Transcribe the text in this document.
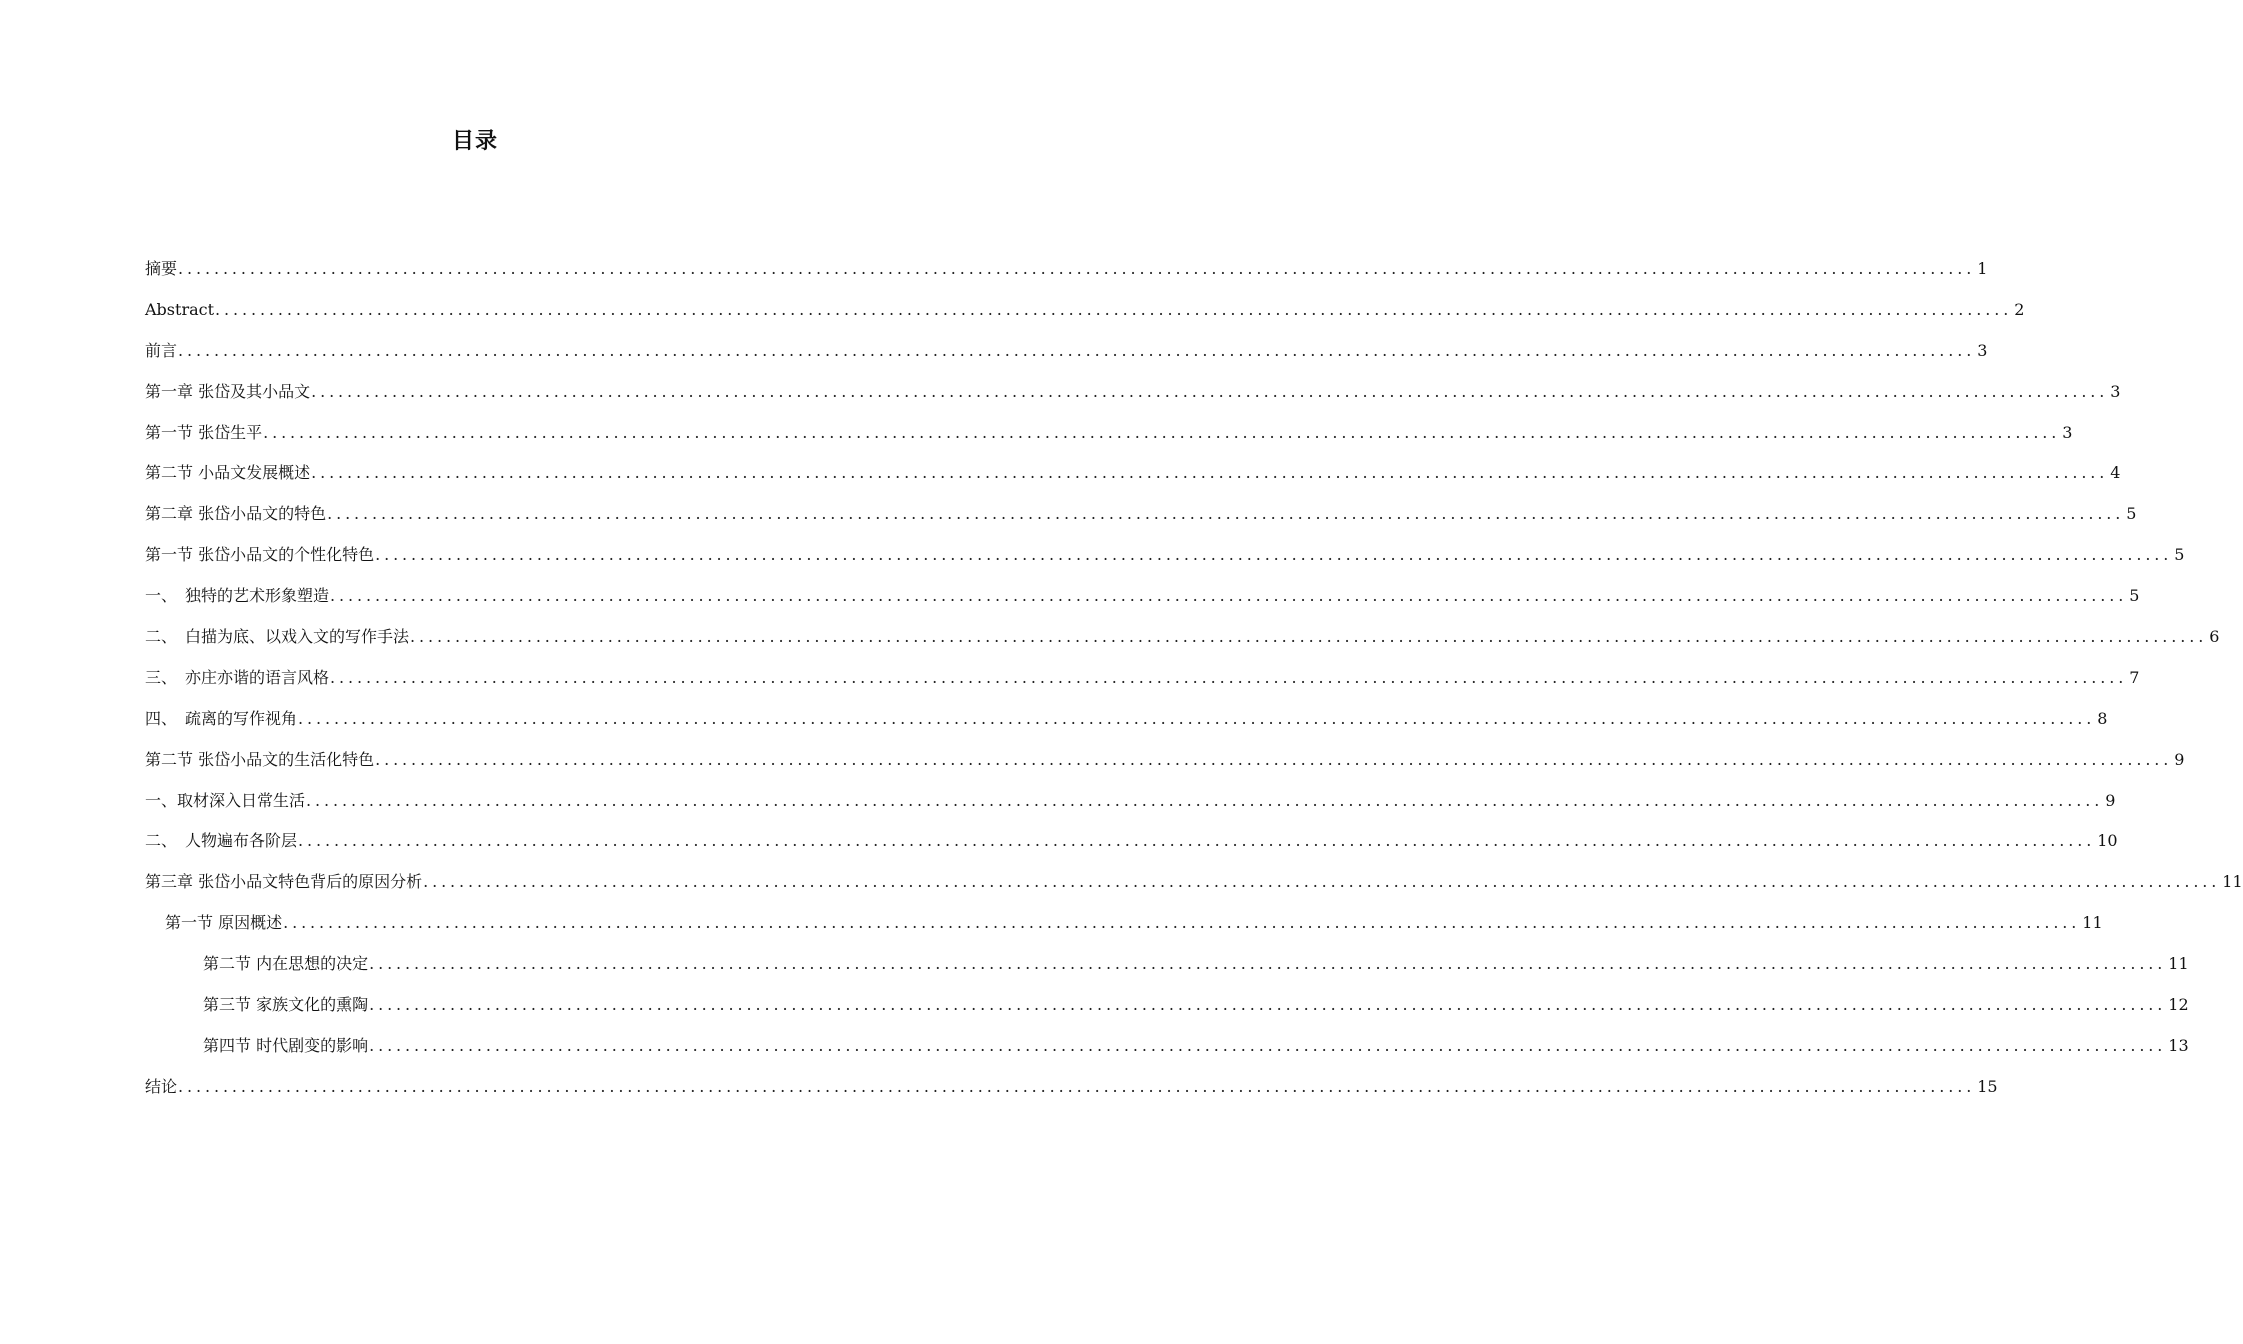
目录
摘要 ........................................................................................................................................................................................................ 1
Abstract ........................................................................................................................................................................................................ 2
前言 ........................................................................................................................................................................................................ 3
第一章 张岱及其小品文 ........................................................................................................................................................................................................ 3
第一节 张岱生平 ........................................................................................................................................................................................................ 3
第二节 小品文发展概述 ........................................................................................................................................................................................................ 4
第二章 张岱小品文的特色 ........................................................................................................................................................................................................ 5
第一节 张岱小品文的个性化特色 ........................................................................................................................................................................................................ 5
一、　独特的艺术形象塑造 ........................................................................................................................................................................................................ 5
二、　白描为底、以戏入文的写作手法 ........................................................................................................................................................................................................ 6
三、　亦庄亦谐的语言风格 ........................................................................................................................................................................................................ 7
四、　疏离的写作视角 ........................................................................................................................................................................................................ 8
第二节 张岱小品文的生活化特色 ........................................................................................................................................................................................................ 9
一、取材深入日常生活 ........................................................................................................................................................................................................ 9
二、　人物遍布各阶层 ........................................................................................................................................................................................................ 10
第三章 张岱小品文特色背后的原因分析 ........................................................................................................................................................................................................ 11
第一节 原因概述 ........................................................................................................................................................................................................ 11
第二节 内在思想的决定 ........................................................................................................................................................................................................ 11
第三节 家族文化的熏陶 ........................................................................................................................................................................................................ 12
第四节 时代剧变的影响 ........................................................................................................................................................................................................ 13
结论 ........................................................................................................................................................................................................ 15
